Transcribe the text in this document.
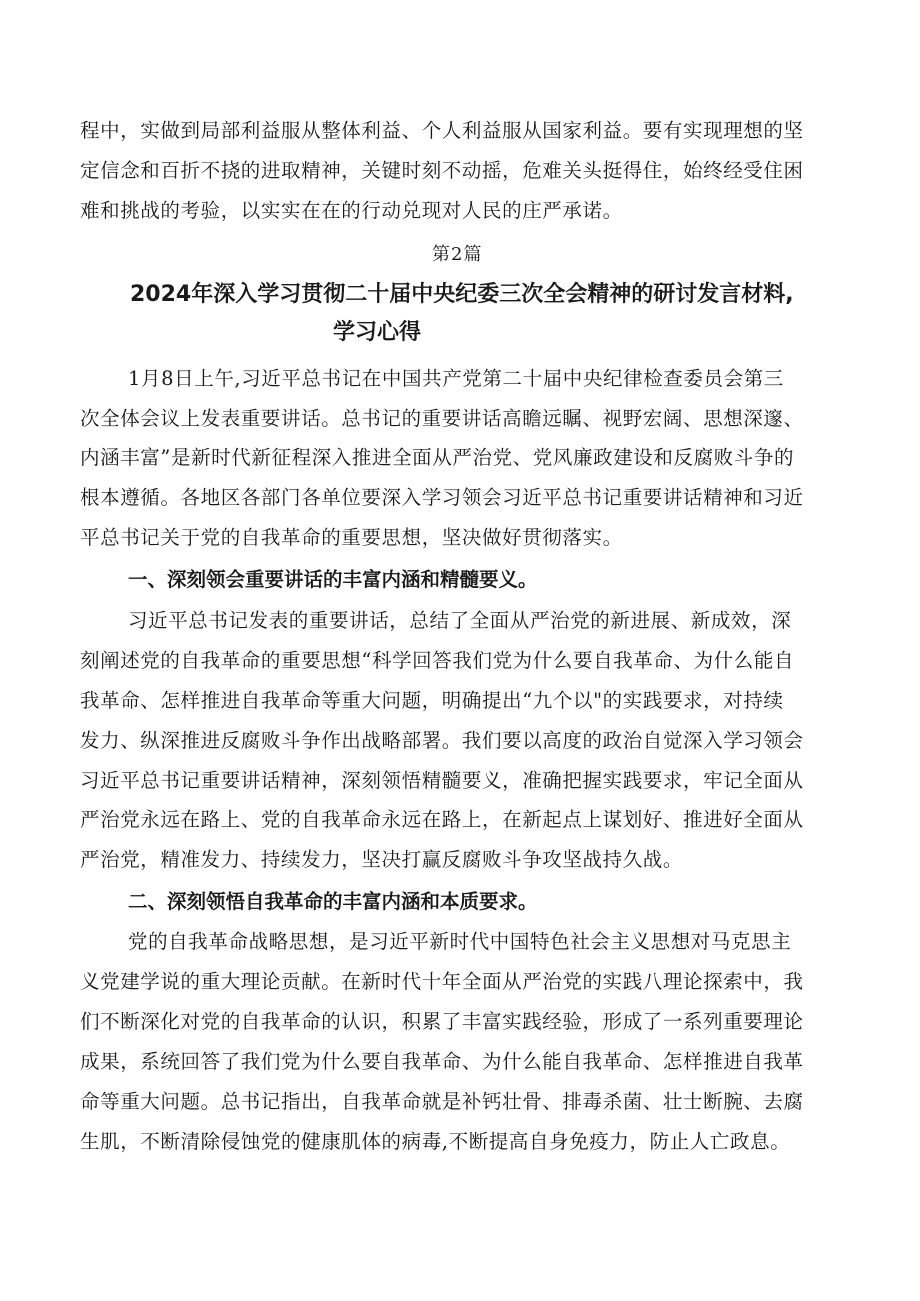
程中，实做到局部利益服从整体利益、个人利益服从国家利益。要有实现理想的坚
定信念和百折不挠的进取精神，关键时刻不动摇，危难关头挺得住，始终经受住困
难和挑战的考验，以实实在在的行动兑现对人民的庄严承诺。
第2篇
2024年深入学习贯彻二十届中央纪委三次全会精神的研讨发言材料,
学习心得
1月8日上午,习近平总书记在中国共产党第二十届中央纪律检查委员会第三
次全体会议上发表重要讲话。总书记的重要讲话高瞻远瞩、视野宏阔、思想深邃、
内涵丰富”是新时代新征程深入推进全面从严治党、党风廉政建设和反腐败斗争的
根本遵循。各地区各部门各单位要深入学习领会习近平总书记重要讲话精神和习近
平总书记关于党的自我革命的重要思想，坚决做好贯彻落实。
一、深刻领会重要讲话的丰富内涵和精髓要义。
习近平总书记发表的重要讲话，总结了全面从严治党的新进展、新成效，深
刻阐述党的自我革命的重要思想“科学回答我们党为什么要自我革命、为什么能自
我革命、怎样推进自我革命等重大问题，明确提出“九个以"的实践要求，对持续
发力、纵深推进反腐败斗争作出战略部署。我们要以高度的政治自觉深入学习领会
习近平总书记重要讲话精神，深刻领悟精髓要义，准确把握实践要求，牢记全面从
严治党永远在路上、党的自我革命永远在路上，在新起点上谋划好、推进好全面从
严治党，精准发力、持续发力，坚决打赢反腐败斗争攻坚战持久战。
二、深刻领悟自我革命的丰富内涵和本质要求。
党的自我革命战略思想，是习近平新时代中国特色社会主义思想对马克思主
义党建学说的重大理论贡献。在新时代十年全面从严治党的实践八理论探索中，我
们不断深化对党的自我革命的认识，积累了丰富实践经验，形成了一系列重要理论
成果，系统回答了我们党为什么要自我革命、为什么能自我革命、怎样推进自我革
命等重大问题。总书记指出，自我革命就是补钙壮骨、排毒杀菌、壮士断腕、去腐
生肌，不断清除侵蚀党的健康肌体的病毒,不断提高自身免疫力，防止人亡政息。
